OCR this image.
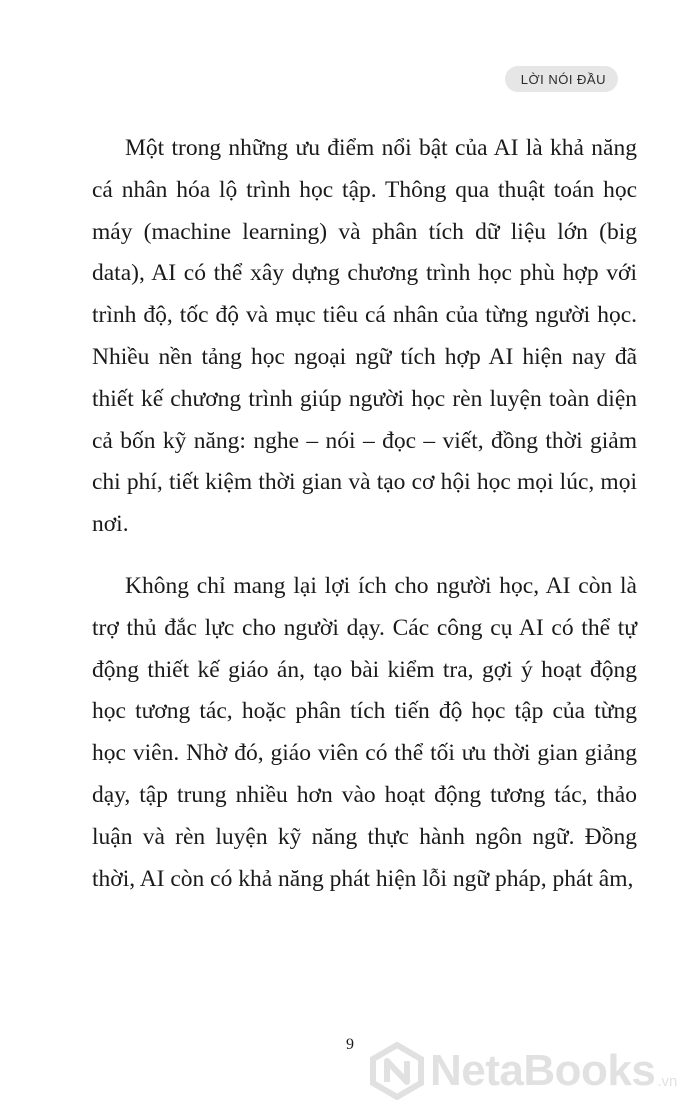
LỜI NÓI ĐẦU

Một trong những ưu điểm nổi bật của AI là khả năng cá nhân hóa lộ trình học tập. Thông qua thuật toán học máy (machine learning) và phân tích dữ liệu lớn (big data), AI có thể xây dựng chương trình học phù hợp với trình độ, tốc độ và mục tiêu cá nhân của từng người học. Nhiều nền tảng học ngoại ngữ tích hợp AI hiện nay đã thiết kế chương trình giúp người học rèn luyện toàn diện cả bốn kỹ năng: nghe – nói – đọc – viết, đồng thời giảm chi phí, tiết kiệm thời gian và tạo cơ hội học mọi lúc, mọi nơi.

Không chỉ mang lại lợi ích cho người học, AI còn là trợ thủ đắc lực cho người dạy. Các công cụ AI có thể tự động thiết kế giáo án, tạo bài kiểm tra, gợi ý hoạt động học tương tác, hoặc phân tích tiến độ học tập của từng học viên. Nhờ đó, giáo viên có thể tối ưu thời gian giảng dạy, tập trung nhiều hơn vào hoạt động tương tác, thảo luận và rèn luyện kỹ năng thực hành ngôn ngữ. Đồng thời, AI còn có khả năng phát hiện lỗi ngữ pháp, phát âm,

9
NetaBooks .vn
